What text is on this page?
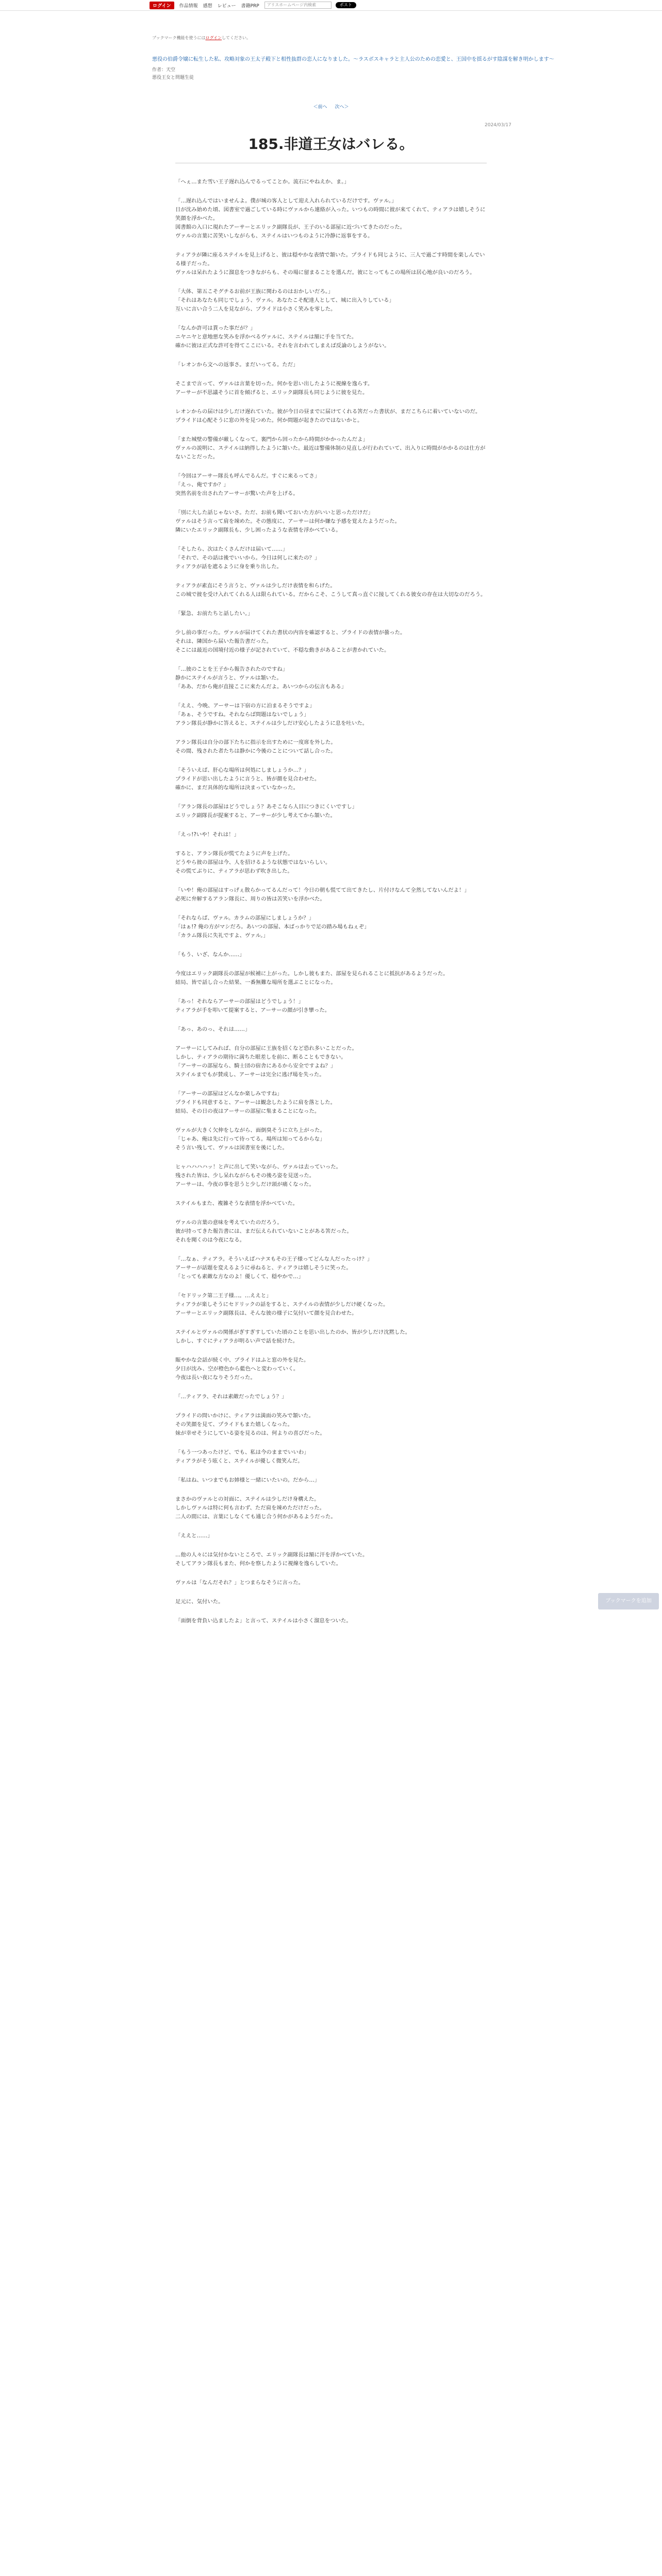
ログイン	作品情報 感想 レビュー 書籍PRP	アリスホームページ内検索	ポスト
ブックマーク機能を使うにはログインしてください。
悪役の伯爵令嬢に転生した私、攻略対象の王太子殿下と相性抜群の恋人になりました。〜ラスボスキャラと主人公のための恋愛と、王国中を揺るがす陰謀を解き明かします〜
作者：天空
悪役王女と問題生徒
＜前へ 次へ＞
2024/03/17
185.非道王女はバレる。

「へぇ…また雪い王子遅れ込んでるってことか。流石にやねえか、ま。」

「…遅れ込んではいませんよ。僕が城の客人として迎え入れられているだけです。ヴァル。」
日が沈み始めた頃、図書室で過ごしている時にヴァルから連絡が入った。いつもの時間に彼が来てくれて、ティアラは嬉しそうに笑顔を浮かべた。
図書館の入口に現れたアーサーとエリック副隊長が、王子のいる部屋に近づいてきたのだった。
ヴァルの言葉に苦笑いしながらも、ステイルはいつものように冷静に返事をする。

ティアラが隣に座るステイルを見上げると、彼は穏やかな表情で頷いた。プライドも同じように、三人で過ごす時間を楽しんでいる様子だった。
ヴァルは呆れたように溜息をつきながらも、その場に留まることを選んだ。彼にとってもこの場所は居心地が良いのだろう。

「大体、第五こそグチるお前が王族に関わるのはおかしいだろ。」
「それはあなたも同じでしょう、ヴァル。あなたこそ配達人として、城に出入りしている」
互いに言い合う二人を見ながら、プライドは小さく笑みを零した。

「なんか許可は貰った事だが？」
ニヤニヤと意地悪な笑みを浮かべるヴァルに、ステイルは額に手を当てた。
確かに彼は正式な許可を得てここにいる。それを言われてしまえば反論のしようがない。

「レオンから文への返事さ。まだいってる。ただ」

そこまで言って、ヴァルは言葉を切った。何かを思い出したように視線を逸らす。
アーサーが不思議そうに首を傾げると、エリック副隊長も同じように彼を見た。

レオンからの届けは少しだけ遅れていた。彼が今日の昼までに届けてくれる筈だった書状が、まだこちらに着いていないのだ。
プライドは心配そうに窓の外を見つめた。何か問題が起きたのではないかと。

「また城壁の警備が厳しくなって。裏門から回ったから時間がかかったんだよ」
ヴァルの説明に、ステイルは納得したように頷いた。最近は警備体制の見直しが行われていて、出入りに時間がかかるのは仕方がないことだった。

「今回はアーサー隊長も呼んでるんだ。すぐに来るってさ」
「えっ、俺ですか？」
突然名前を出されたアーサーが驚いた声を上げる。

「別に大した話じゃないさ。ただ、お前も聞いておいた方がいいと思っただけだ」
ヴァルはそう言って肩を竦めた。その態度に、アーサーは何か嫌な予感を覚えたようだった。
隣にいたエリック副隊長も、少し困ったような表情を浮かべている。

「そしたら、次はたくさんだけは届いて……」
「それで、その話は後でいいから。今日は何しに来たの？」
ティアラが話を遮るように身を乗り出した。

ティアラが素直にそう言うと、ヴァルは少しだけ表情を和らげた。
この城で彼を受け入れてくれる人は限られている。だからこそ、こうして真っ直ぐに接してくれる彼女の存在は大切なのだろう。

「緊急、お前たちと話したい。」

少し前の事だった。ヴァルが届けてくれた書状の内容を確認すると、プライドの表情が曇った。
それは、隣国から届いた報告書だった。
そこには最近の国境付近の様子が記されていて、不穏な動きがあることが書かれていた。

「…彼のことを王子から報告されたのですね」
静かにステイルが言うと、ヴァルは頷いた。
「ああ、だから俺が直接ここに来たんだよ。あいつからの伝言もある」

「ええ、今晩、アーサーは下宿の方に泊まるそうですよ」
「あぁ、そうですね。それならば問題はないでしょう」
アラン隊長が静かに答えると、ステイルは少しだけ安心したように息を吐いた。

アラン隊長は自分の部下たちに指示を出すために一度席を外した。
その間、残された者たちは静かに今後のことについて話し合った。

「そういえば、肝心な場所は何処にしましょうか…？」
プライドが思い出したように言うと、皆が顔を見合わせた。
確かに、まだ具体的な場所は決まっていなかった。

「アラン隊長の部屋はどうでしょう？あそこなら人目につきにくいですし」
エリック副隊長が提案すると、アーサーが少し考えてから頷いた。

「えっ!?いや！それは！」

すると、アラン隊長が慌てたように声を上げた。
どうやら彼の部屋は今、人を招けるような状態ではないらしい。
その慌てぶりに、ティアラが思わず吹き出した。

「いや！俺の部屋はすっげぇ散らかってるんだって！今日の朝も慌てて出てきたし、片付けなんて全然してないんだよ！」
必死に弁解するアラン隊長に、周りの皆は苦笑いを浮かべた。

「それならば、ヴァル。カラムの部屋にしましょうか？」
「はぁ!? 俺の方がマシだろ。あいつの部屋、本ばっかりで足の踏み場もねぇぞ」
「カラム隊長に失礼ですよ、ヴァル。」

「もう、いざ、なんか……」

今度はエリック副隊長の部屋が候補に上がった。しかし彼もまた、部屋を見られることに抵抗があるようだった。
結局、皆で話し合った結果、一番無難な場所を選ぶことになった。

「あっ！それならアーサーの部屋はどうでしょう！」
ティアラが手を叩いて提案すると、アーサーの顔が引き攣った。

「あっ、あのっ、それは……」

アーサーにしてみれば、自分の部屋に王族を招くなど恐れ多いことだった。
しかし、ティアラの期待に満ちた眼差しを前に、断ることもできない。
「アーサーの部屋なら、騎士団の宿舎にあるから安全ですよね？」
ステイルまでもが賛成し、アーサーは完全に逃げ場を失った。

「アーサーの部屋はどんなか楽しみですね」
プライドも同意すると、アーサーは観念したように肩を落とした。
結局、その日の夜はアーサーの部屋に集まることになった。

ヴァルが大きく欠伸をしながら、面倒臭そうに立ち上がった。
「じゃあ、俺は先に行って待ってる。場所は知ってるからな」
そう言い残して、ヴァルは図書室を後にした。

ヒャハハハハッ！と声に出して笑いながら、ヴァルは去っていった。
残された皆は、少し呆れながらもその後ろ姿を見送った。
アーサーは、今夜の事を思うと少しだけ頭が痛くなった。

ステイルもまた、複雑そうな表情を浮かべていた。

ヴァルの言葉の意味を考えていたのだろう。
彼が持ってきた報告書には、まだ伝えられていないことがある筈だった。
それを聞くのは今夜になる。

「…なぁ、ティアラ。そういえばハナヌもその王子様ってどんな人だったっけ？」
アーサーが話題を変えるように尋ねると、ティアラは嬉しそうに笑った。
「とっても素敵な方なのよ！優しくて、穏やかで…」

「セドリック第二王子様…。…ええと」
ティアラが楽しそうにセドリックの話をすると、ステイルの表情が少しだけ硬くなった。
アーサーとエリック副隊長は、そんな彼の様子に気付いて顔を見合わせた。

ステイルとヴァルの関係がぎすぎすしていた頃のことを思い出したのか、皆が少しだけ沈黙した。
しかし、すぐにティアラが明るい声で話を続けた。

賑やかな会話が続く中、プライドはふと窓の外を見た。
夕日が沈み、空が橙色から藍色へと変わっていく。
今夜は長い夜になりそうだった。

「…ティアラ、それは素敵だったでしょう？」

プライドの問いかけに、ティアラは満面の笑みで頷いた。
その笑顔を見て、プライドもまた嬉しくなった。
妹が幸せそうにしている姿を見るのは、何よりの喜びだった。

「もう一つあったけど、でも、私は今のままでいいわ」
ティアラがそう呟くと、ステイルが優しく微笑んだ。

「私はね、いつまでもお姉様と一緒にいたいの。だから…」

まさかのヴァルとの対面に、ステイルは少しだけ身構えた。
しかしヴァルは特に何も言わず、ただ肩を竦めただけだった。
二人の間には、言葉にしなくても通じ合う何かがあるようだった。

「ええと……」

…他の人々には気付かないところで、エリック副隊長は額に汗を浮かべていた。
そしてアラン隊長もまた、何かを察したように視線を逸らしていた。

ヴァルは「なんだそれ？」とつまらなそうに言った。

足元に、気付いた。

「面倒を背負い込ましたよ」と言って、ステイルは小さく溜息をついた。

ブックマークを追加
